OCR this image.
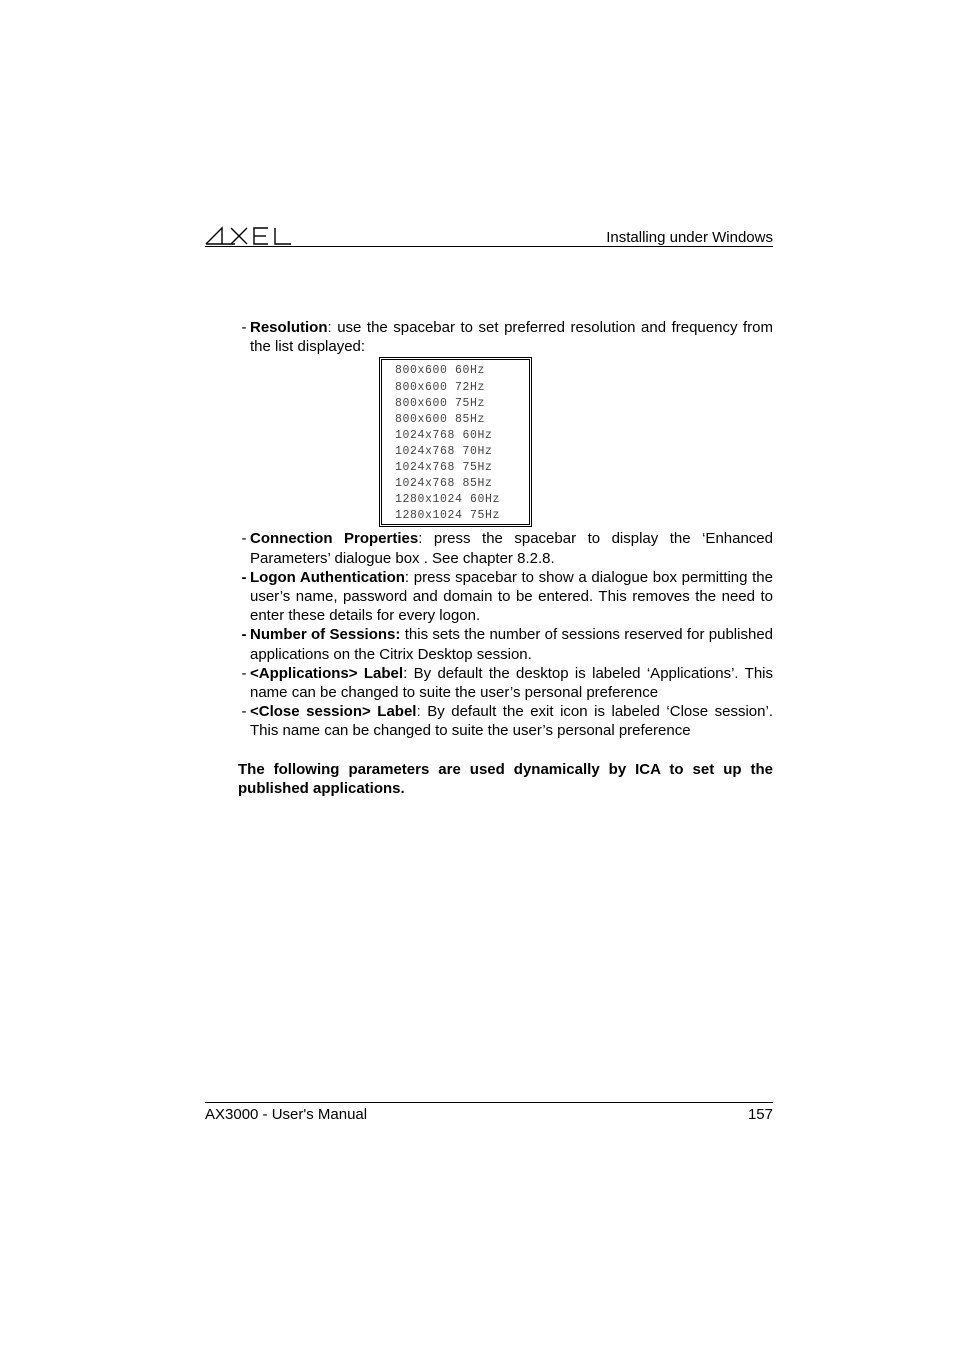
Installing under Windows
- Resolution: use the spacebar to set preferred resolution and frequency from the list displayed:
800x600 60Hz
800x600 72Hz
800x600 75Hz
800x600 85Hz
1024x768 60Hz
1024x768 70Hz
1024x768 75Hz
1024x768 85Hz
1280x1024 60Hz
1280x1024 75Hz
- Connection Properties: press the spacebar to display the ‘Enhanced Parameters’ dialogue box . See chapter 8.2.8.
- Logon Authentication: press spacebar to show a dialogue box permitting the user’s name, password and domain to be entered. This removes the need to enter these details for every logon.
- Number of Sessions: this sets the number of sessions reserved for published applications on the Citrix Desktop session.
- <Applications> Label: By default the desktop is labeled ‘Applications’. This name can be changed to suite the user’s personal preference
- <Close session> Label: By default the exit icon is labeled ‘Close session’. This name can be changed to suite the user’s personal preference
The following parameters are used dynamically by ICA to set up the published applications.
AX3000 - User's Manual	157
